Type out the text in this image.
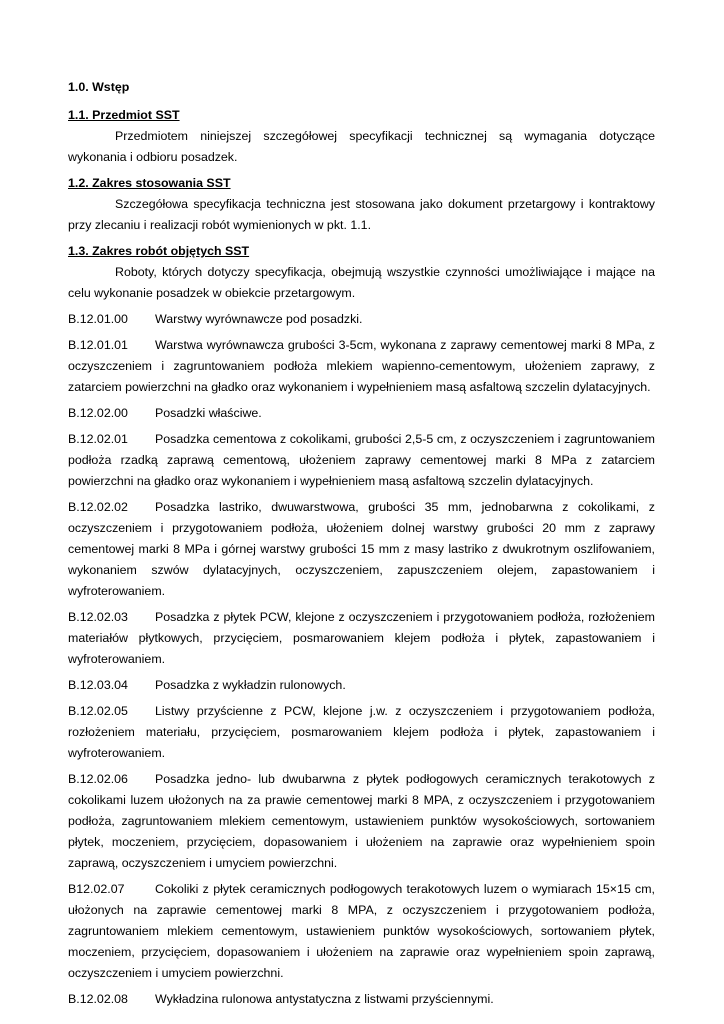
1.0. Wstęp

1.1. Przedmiot SST

Przedmiotem niniejszej szczegółowej specyfikacji technicznej są wymagania dotyczące wykonania i odbioru posadzek.

1.2. Zakres stosowania SST

Szczegółowa specyfikacja techniczna jest stosowana jako dokument przetargowy i kontraktowy przy zlecaniu i realizacji robót wymienionych w pkt. 1.1.

1.3. Zakres robót objętych SST

Roboty, których dotyczy specyfikacja, obejmują wszystkie czynności umożliwiające i mające na celu wykonanie posadzek w obiekcie przetargowym.

B.12.01.00 Warstwy wyrównawcze pod posadzki.

B.12.01.01 Warstwa wyrównawcza grubości 3-5cm, wykonana z zaprawy cementowej marki 8 MPa, z oczyszczeniem i zagruntowaniem podłoża mlekiem wapienno-cementowym, ułożeniem zaprawy, z zatarciem powierzchni na gładko oraz wykonaniem i wypełnieniem masą asfaltową szczelin dylatacyjnych.

B.12.02.00 Posadzki właściwe.

B.12.02.01 Posadzka cementowa z cokolikami, grubości 2,5-5 cm, z oczyszczeniem i zagruntowaniem podłoża rzadką zaprawą cementową, ułożeniem zaprawy cementowej marki 8 MPa z zatarciem powierzchni na gładko oraz wykonaniem i wypełnieniem masą asfaltową szczelin dylatacyjnych.

B.12.02.02 Posadzka lastriko, dwuwarstwowa, grubości 35 mm, jednobarwna z cokolikami, z oczyszczeniem i przygotowaniem podłoża, ułożeniem dolnej warstwy grubości 20 mm z zaprawy cementowej marki 8 MPa i górnej warstwy grubości 15 mm z masy lastriko z dwukrotnym oszlifowaniem, wykonaniem szwów dylatacyjnych, oczyszczeniem, zapuszczeniem olejem, zapastowaniem i wyfroterowaniem.

B.12.02.03 Posadzka z płytek PCW, klejone z oczyszczeniem i przygotowaniem podłoża, rozłożeniem materiałów płytkowych, przycięciem, posmarowaniem klejem podłoża i płytek, zapastowaniem i wyfroterowaniem.

B.12.03.04 Posadzka z wykładzin rulonowych.

B.12.02.05 Listwy przyścienne z PCW, klejone j.w. z oczyszczeniem i przygotowaniem podłoża, rozłożeniem materiału, przycięciem, posmarowaniem klejem podłoża i płytek, zapastowaniem i wyfroterowaniem.

B.12.02.06 Posadzka jedno- lub dwubarwna z płytek podłogowych ceramicznych terakotowych z cokolikami luzem ułożonych na za prawie cementowej marki 8 MPA, z oczyszczeniem i przygotowaniem podłoża, zagruntowaniem mlekiem cementowym, ustawieniem punktów wysokościowych, sortowaniem płytek, moczeniem, przycięciem, dopasowaniem i ułożeniem na zaprawie oraz wypełnieniem spoin zaprawą, oczyszczeniem i umyciem powierzchni.

B12.02.07 Cokoliki z płytek ceramicznych podłogowych terakotowych luzem o wymiarach 15×15 cm, ułożonych na zaprawie cementowej marki 8 MPA, z oczyszczeniem i przygotowaniem podłoża, zagruntowaniem mlekiem cementowym, ustawieniem punktów wysokościowych, sortowaniem płytek, moczeniem, przycięciem, dopasowaniem i ułożeniem na zaprawie oraz wypełnieniem spoin zaprawą, oczyszczeniem i umyciem powierzchni.

B.12.02.08 Wykładzina rulonowa antystatyczna z listwami przyściennymi.
